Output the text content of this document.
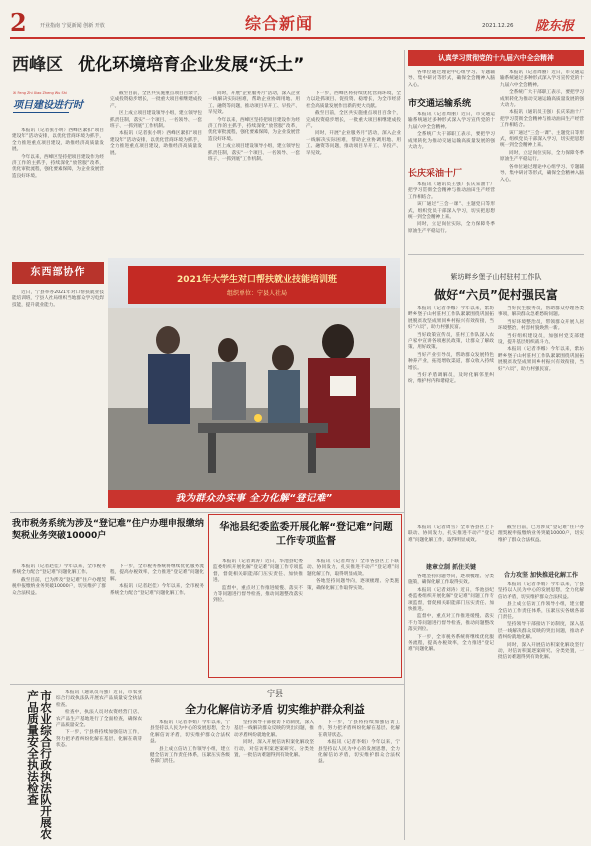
2	开业指南 宁夏新闻 创新 开放	综合新闻	2021.12.26 陇东报
西峰区 优化环境培育企业发展“沃土”
Xi Feng Zhi Xiao Zheng Wu Shi
项目建设进行时

本报讯（记者张小明）西峰区紧扣“项目建设年”活动安排，以优化营商环境为抓手，全力推进重点项目建设，助推经济高质量发展。

今年以来，西峰区坚持把项目建设作为经济工作的主抓手，持续深化“放管服”改革，优化审批流程，强化要素保障，为企业发展营造良好环境。

截至目前，全区共实施重点项目百余个，完成投资稳步增长，一批重大项目相继建成投产。

区上成立项目建设领导小组，建立领导包抓责任制，落实“一个项目、一名领导、一套班子、一抓到底”工作机制。

本报讯（记者张小明）西峰区紧扣“项目建设年”活动安排，以优化营商环境为抓手，全力推进重点项目建设，助推经济高质量发展。

同时，开展“企业服务月”活动，深入企业一线解决实际困难，帮助企业协调用地、用工、融资等问题，推动项目早开工、早投产、早见效。

今年以来，西峰区坚持把项目建设作为经济工作的主抓手，持续深化“放管服”改革，优化审批流程，强化要素保障，为企业发展营造良好环境。

区上成立项目建设领导小组，建立领导包抓责任制，落实“一个项目、一名领导、一套班子、一抓到底”工作机制。

下一步，西峰区将持续优化营商环境，全力以赴抓项目、促投资、稳增长，为全市经济社会高质量发展作出新的更大贡献。

截至目前，全区共实施重点项目百余个，完成投资稳步增长，一批重大项目相继建成投产。

同时，开展“企业服务月”活动，深入企业一线解决实际困难，帮助企业协调用地、用工、融资等问题，推动项目早开工、早投产、早见效。

东西部协作

近日，宁县举办2021年对口帮扶就业技能培训班，宁县人社局组织当地群众学习电焊技能，提升就业能力。

2021年大学生对口帮扶就业技能培训班
组织单位：宁县人社局
我为群众办实事 全力化解“登记难”
认真学习贯彻党的十九届六中全会精神

各单位通过理论中心组学习、专题辅导、集中研讨等形式，确保全会精神入脑入心。

本报讯（记者周丽）近日，市交通运输系统通过多种形式深入学习宣传党的十九届六中全会精神。

全系统广大干部职工表示，要把学习成果转化为推动交通运输高质量发展的强大动力。

本报讯（通讯员王强）长庆采油十厂把学习贯彻全会精神与推动油田生产经营工作相结合。

该厂通过“三会一课”、主题党日等形式，组织党员干部深入学习，切实把思想统一到全会精神上来。

同时，立足岗位实际，全力保障冬季原油生产平稳运行。

各单位通过理论中心组学习、专题辅导、集中研讨等形式，确保全会精神入脑入心。

市交通运输系统

本报讯（记者周丽）近日，市交通运输系统通过多种形式深入学习宣传党的十九届六中全会精神。

全系统广大干部职工表示，要把学习成果转化为推动交通运输高质量发展的强大动力。

长庆采油十厂

本报讯（通讯员王强）长庆采油十厂把学习贯彻全会精神与推动油田生产经营工作相结合。

该厂通过“三会一课”、主题党日等形式，组织党员干部深入学习，切实把思想统一到全会精神上来。

同时，立足岗位实际，全力保障冬季原油生产平稳运行。

紫坊畔乡堡子山村驻村工作队
做好“六员”促村强民富

本报讯（记者李娜）今年以来，紫坊畔乡堡子山村驻村工作队紧紧围绕巩固拓展脱贫攻坚成果同乡村振兴有效衔接，当好“六员”，助力村强民富。

当好政策宣传员，驻村工作队深入农户家中宣讲各项惠民政策，让群众了解政策、用好政策。

当好产业引导员，帮助群众发展特色种养产业，拓宽增收渠道，群众收入持续增长。

当好矛盾调解员，及时化解邻里纠纷，维护村内和谐稳定。

当好民生服务员，帮助群众办理各类事项，解决群众急难愁盼问题。

当好环境整治员，带领群众开展人居环境整治，村容村貌焕然一新。

当好组织建设员，加强村党支部建设，提升基层组织战斗力。

本报讯（记者李娜）今年以来，紫坊畔乡堡子山村驻村工作队紧紧围绕巩固拓展脱贫攻坚成果同乡村振兴有效衔接，当好“六员”，助力村强民富。

我市税务系统为涉及“登记难”住户办理申报缴纳契税业务突破10000户

本报讯（记者赵佳）今年以来，全市税务系统全力配合“登记难”问题化解工作。

截至目前，已为涉及“登记难”住户办理契税申报缴纳业务突破10000户，切实维护了群众合法权益。

下一步，全市税务系统将继续优化服务流程，提高办税效率，全力推进“登记难”问题化解。

本报讯（记者赵佳）今年以来，全市税务系统全力配合“登记难”问题化解工作。

华池县纪委监委开展化解“登记难”问题工作专项监督

本报讯（记者刘涛）近日，华池县纪委监委组织开展化解“登记难”问题工作专项监督，督促相关职能部门压实责任、加快推进。

监督中，重点对工作推进缓慢、落实不力等问题进行督导检查，推动问题整改落实到位。

本报讯（记者周雪）全市各县区上下联动、协同发力，扎实推进不动产“登记难”问题化解工作，取得明显成效。

各地坚持问题导向，逐项梳理、分类施策，确保化解工作取得实效。

本报讯（记者周雪）全市各县区上下联动、协同发力，扎实推进不动产“登记难”问题化解工作，取得明显成效。

建章立制 抓住关键

各地坚持问题导向，逐项梳理、分类施策，确保化解工作取得实效。

本报讯（记者刘涛）近日，华池县纪委监委组织开展化解“登记难”问题工作专项监督，督促相关职能部门压实责任、加快推进。

监督中，重点对工作推进缓慢、落实不力等问题进行督导检查，推动问题整改落实到位。

下一步，全市税务系统将继续优化服务流程，提高办税效率，全力推进“登记难”问题化解。

截至目前，已为涉及“登记难”住户办理契税申报缴纳业务突破10000户，切实维护了群众合法权益。

合力攻坚 加快推进化解工作

本报讯（记者李娟）今年以来，宁县坚持以人民为中心的发展思想，全力化解信访矛盾，切实维护群众合法权益。

县上成立信访工作领导小组，建立健全信访工作责任体系，压紧压实各级各部门责任。

坚持领导干部接访下访制度，深入基层一线解决群众反映的突出问题，推动矛盾纠纷就地化解。

同时，深入开展信访积案化解攻坚行动，对信访积案逐案研究、分类处置，一批信访难题得到有效化解。

市农业综合行政执法队开展农产品质量安全执法检查	本报讯（通讯员马强）近日，市农业综合行政执法队开展农产品质量安全执法检查。

检查中，执法人员对农资经营门店、农产品生产基地进行了全面检查，确保农产品质量安全。

下一步，宁县将持续加强信访工作，努力把矛盾纠纷化解在基层、化解在萌芽状态。

宁县
全力化解信访矛盾 切实维护群众利益

本报讯（记者李娟）今年以来，宁县坚持以人民为中心的发展思想，全力化解信访矛盾，切实维护群众合法权益。

县上成立信访工作领导小组，建立健全信访工作责任体系，压紧压实各级各部门责任。

坚持领导干部接访下访制度，深入基层一线解决群众反映的突出问题，推动矛盾纠纷就地化解。

同时，深入开展信访积案化解攻坚行动，对信访积案逐案研究、分类处置，一批信访难题得到有效化解。

下一步，宁县将持续加强信访工作，努力把矛盾纠纷化解在基层、化解在萌芽状态。

本报讯（记者李娟）今年以来，宁县坚持以人民为中心的发展思想，全力化解信访矛盾，切实维护群众合法权益。
